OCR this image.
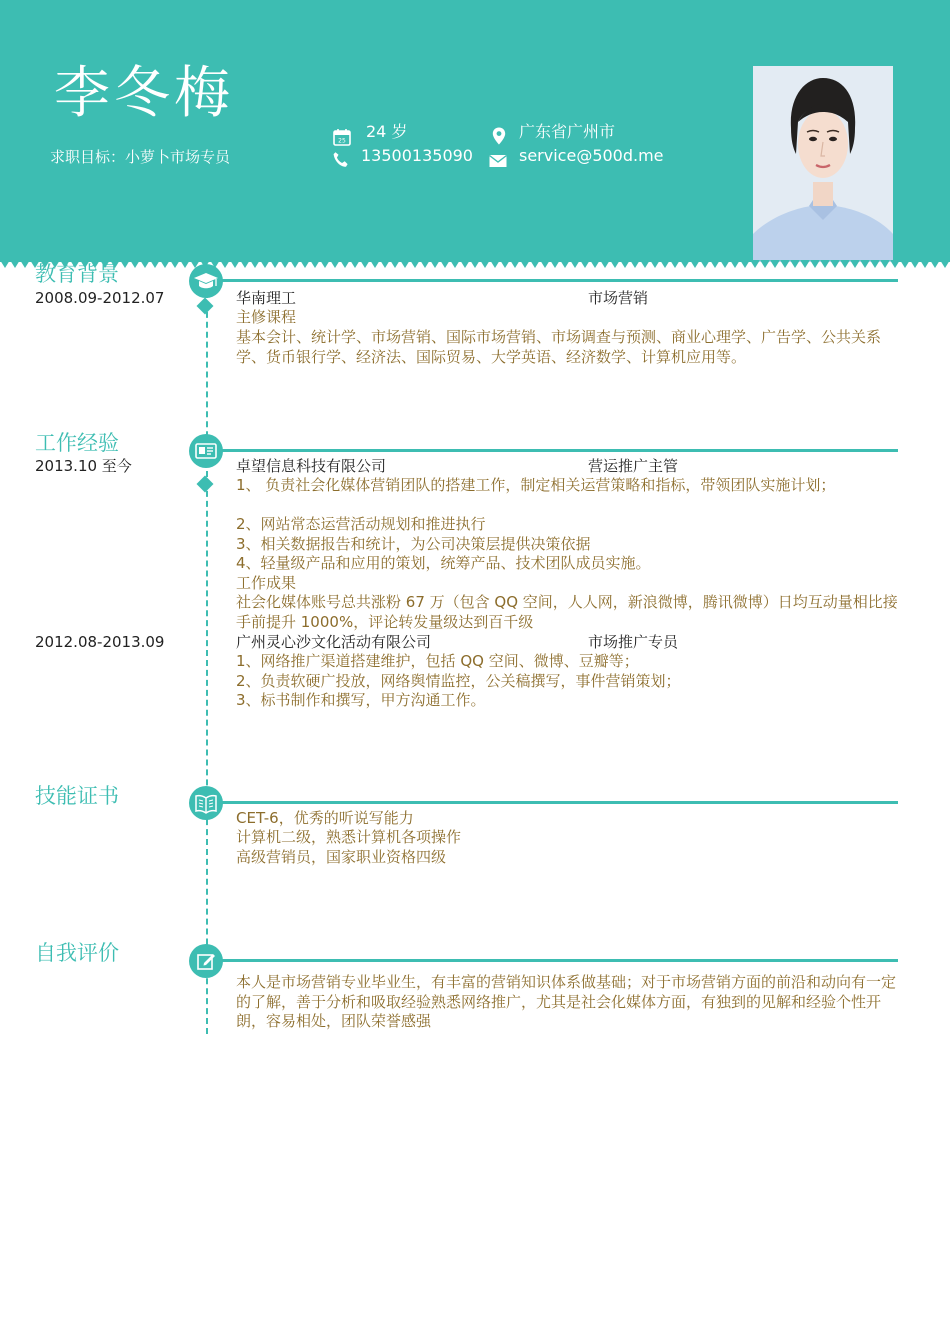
李冬梅
求职目标：小萝卜市场专员
25 24 岁	广东省广州市
13500135090	service@500d.me
教育背景
2008.09-2012.07	华南理工	市场营销
主修课程
基本会计、统计学、市场营销、国际市场营销、市场调查与预测、商业心理学、广告学、公共关系学、货币银行学、经济法、国际贸易、大学英语、经济数学、计算机应用等。
工作经验
2013.10 至今	卓望信息科技有限公司	营运推广主管
1、 负责社会化媒体营销团队的搭建工作，制定相关运营策略和指标，带领团队实施计划；
2、网站常态运营活动规划和推进执行
3、相关数据报告和统计，为公司决策层提供决策依据
4、轻量级产品和应用的策划，统筹产品、技术团队成员实施。
工作成果
社会化媒体账号总共涨粉 67 万（包含 QQ 空间，人人网，新浪微博，腾讯微博）日均互动量相比接手前提升 1000%，评论转发量级达到百千级
2012.08-2013.09	广州灵心沙文化活动有限公司	市场推广专员
1、网络推广渠道搭建维护，包括 QQ 空间、微博、豆瓣等；
2、负责软硬广投放，网络舆情监控，公关稿撰写，事件营销策划；
3、标书制作和撰写，甲方沟通工作。
技能证书
CET-6，优秀的听说写能力
计算机二级，熟悉计算机各项操作
高级营销员，国家职业资格四级
自我评价
本人是市场营销专业毕业生，有丰富的营销知识体系做基础；对于市场营销方面的前沿和动向有一定的了解，善于分析和吸取经验熟悉网络推广，尤其是社会化媒体方面，有独到的见解和经验个性开朗，容易相处，团队荣誉感强
